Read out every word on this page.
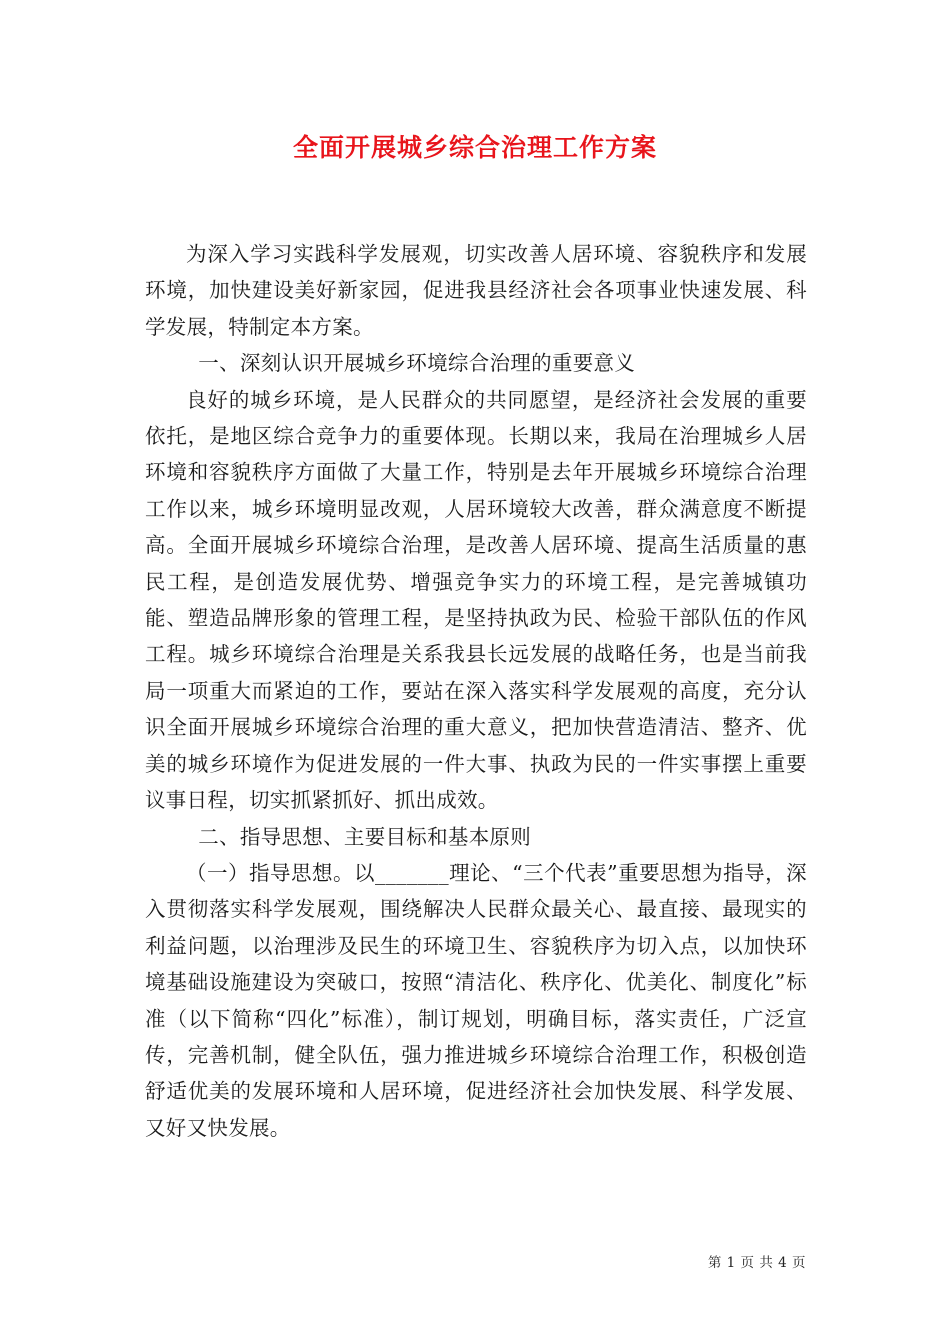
全面开展城乡综合治理工作方案

为深入学习实践科学发展观，切实改善人居环境、容貌秩序和发展环境，加快建设美好新家园，促进我县经济社会各项事业快速发展、科学发展，特制定本方案。

一、深刻认识开展城乡环境综合治理的重要意义

良好的城乡环境，是人民群众的共同愿望，是经济社会发展的重要依托，是地区综合竞争力的重要体现。长期以来，我局在治理城乡人居环境和容貌秩序方面做了大量工作，特别是去年开展城乡环境综合治理工作以来，城乡环境明显改观，人居环境较大改善，群众满意度不断提高。全面开展城乡环境综合治理，是改善人居环境、提高生活质量的惠民工程，是创造发展优势、增强竞争实力的环境工程，是完善城镇功能、塑造品牌形象的管理工程，是坚持执政为民、检验干部队伍的作风工程。城乡环境综合治理是关系我县长远发展的战略任务，也是当前我局一项重大而紧迫的工作，要站在深入落实科学发展观的高度，充分认识全面开展城乡环境综合治理的重大意义，把加快营造清洁、整齐、优美的城乡环境作为促进发展的一件大事、执政为民的一件实事摆上重要议事日程，切实抓紧抓好、抓出成效。

二、指导思想、主要目标和基本原则

（一）指导思想。以_______理论、“三个代表”重要思想为指导，深入贯彻落实科学发展观，围绕解决人民群众最关心、最直接、最现实的利益问题，以治理涉及民生的环境卫生、容貌秩序为切入点，以加快环境基础设施建设为突破口，按照“清洁化、秩序化、优美化、制度化”标准（以下简称“四化”标准），制订规划，明确目标，落实责任，广泛宣传，完善机制，健全队伍，强力推进城乡环境综合治理工作，积极创造舒适优美的发展环境和人居环境，促进经济社会加快发展、科学发展、又好又快发展。

第 1 页 共 4 页
